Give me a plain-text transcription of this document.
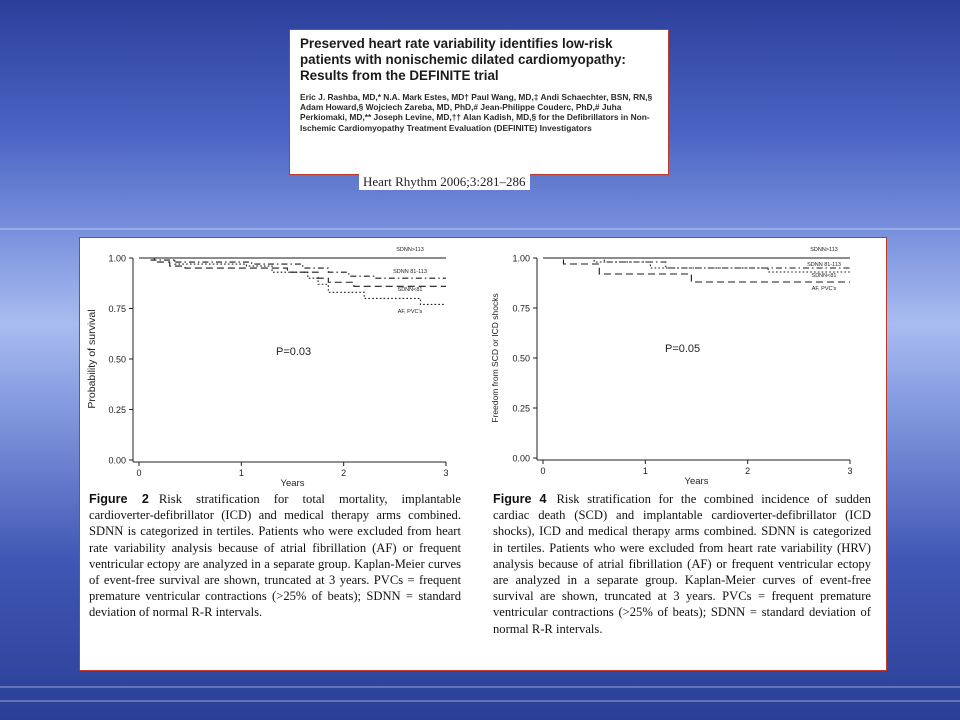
Preserved heart rate variability identifies low-risk patients with nonischemic dilated cardiomyopathy: Results from the DEFINITE trial

Eric J. Rashba, MD,* N.A. Mark Estes, MD† Paul Wang, MD,‡ Andi Schaechter, BSN, RN,§ Adam Howard,§ Wojciech Zareba, MD, PhD,# Jean-Philippe Couderc, PhD,# Juha Perkiomaki, MD,** Joseph Levine, MD,†† Alan Kadish, MD,§ for the Defibrillators in Non-Ischemic Cardiomyopathy Treatment Evaluation (DEFINITE) Investigators

Heart Rhythm 2006;3:281–286
0.00
0.25
0.50
0.75
1.00
0	1	2	3
Years
Probability of survival
SDNN>113
SDNN 81-113
SDNN<81
AF, PVC's
P=0.03
0.00
0.25
0.50
0.75
1.00
0	1	2	3
Years
Freedom from SCD or ICD shocks
SDNN>113
SDNN 81-113
SDNN<81
AF, PVC's
P=0.05
Figure 2 Risk stratification for total mortality, implantable cardioverter-defibrillator (ICD) and medical therapy arms combined. SDNN is categorized in tertiles. Patients who were excluded from heart rate variability analysis because of atrial fibrillation (AF) or frequent ventricular ectopy are analyzed in a separate group. Kaplan-Meier curves of event-free survival are shown, truncated at 3 years. PVCs = frequent premature ventricular contractions (>25% of beats); SDNN = standard deviation of normal R-R intervals.
Figure 4 Risk stratification for the combined incidence of sudden cardiac death (SCD) and implantable cardioverter-defibrillator (ICD shocks), ICD and medical therapy arms combined. SDNN is categorized in tertiles. Patients who were excluded from heart rate variability (HRV) analysis because of atrial fibrillation (AF) or frequent ventricular ectopy are analyzed in a separate group. Kaplan-Meier curves of event-free survival are shown, truncated at 3 years. PVCs = frequent premature ventricular contractions (>25% of beats); SDNN = standard deviation of normal R-R intervals.
